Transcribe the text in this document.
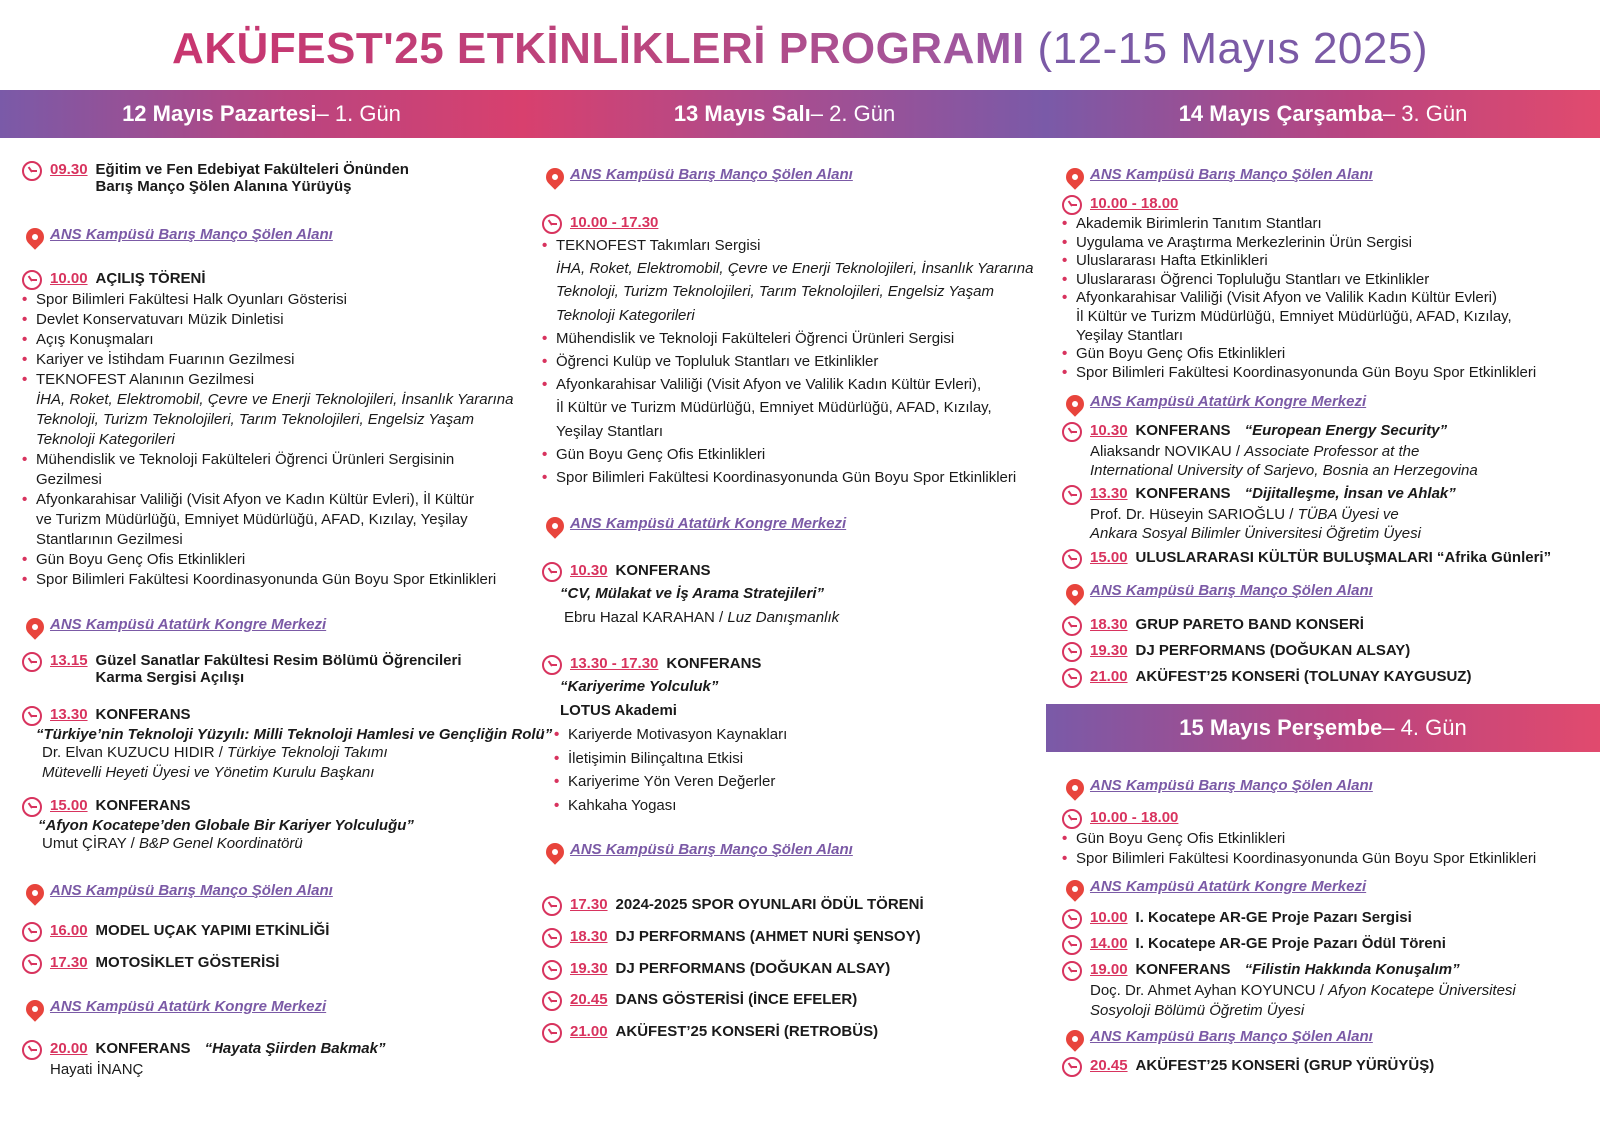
AKÜFEST'25 ETKİNLİKLERİ PROGRAMI (12-15 Mayıs 2025)
12 Mayıs Pazartesi – 1. Gün	13 Mayıs Salı – 2. Gün	14 Mayıs Çarşamba – 3. Gün
15 Mayıs Perşembe – 4. Gün
09.30 Eğitim ve Fen Edebiyat Fakülteleri Önünden
Barış Manço Şölen Alanına Yürüyüş
ANS Kampüsü Barış Manço Şölen Alanı
10.00 AÇILIŞ TÖRENİ
• Spor Bilimleri Fakültesi Halk Oyunları Gösterisi
• Devlet Konservatuvarı Müzik Dinletisi
• Açış Konuşmaları
• Kariyer ve İstihdam Fuarının Gezilmesi
• TEKNOFEST Alanının Gezilmesi
İHA, Roket, Elektromobil, Çevre ve Enerji Teknolojileri, İnsanlık Yararına
Teknoloji, Turizm Teknolojileri, Tarım Teknolojileri, Engelsiz Yaşam
Teknoloji Kategorileri
• Mühendislik ve Teknoloji Fakülteleri Öğrenci Ürünleri Sergisinin
Gezilmesi
• Afyonkarahisar Valiliği (Visit Afyon ve Kadın Kültür Evleri), İl Kültür
ve Turizm Müdürlüğü, Emniyet Müdürlüğü, AFAD, Kızılay, Yeşilay
Stantlarının Gezilmesi
• Gün Boyu Genç Ofis Etkinlikleri
• Spor Bilimleri Fakültesi Koordinasyonunda Gün Boyu Spor Etkinlikleri
ANS Kampüsü Atatürk Kongre Merkezi
13.15 Güzel Sanatlar Fakültesi Resim Bölümü Öğrencileri
Karma Sergisi Açılışı
13.30 KONFERANS
“Türkiye’nin Teknoloji Yüzyılı: Milli Teknoloji Hamlesi ve Gençliğin Rolü”
Dr. Elvan KUZUCU HIDIR / Türkiye Teknoloji Takımı
Mütevelli Heyeti Üyesi ve Yönetim Kurulu Başkanı
15.00 KONFERANS
“Afyon Kocatepe’den Globale Bir Kariyer Yolculuğu”
Umut ÇİRAY / B&P Genel Koordinatörü
ANS Kampüsü Barış Manço Şölen Alanı
16.00 MODEL UÇAK YAPIMI ETKİNLİĞİ
17.30 MOTOSİKLET GÖSTERİSİ
ANS Kampüsü Atatürk Kongre Merkezi
20.00 KONFERANS “Hayata Şiirden Bakmak”
Hayati İNANÇ
ANS Kampüsü Barış Manço Şölen Alanı
10.00 - 17.30
• TEKNOFEST Takımları Sergisi
İHA, Roket, Elektromobil, Çevre ve Enerji Teknolojileri, İnsanlık Yararına
Teknoloji, Turizm Teknolojileri, Tarım Teknolojileri, Engelsiz Yaşam
Teknoloji Kategorileri
• Mühendislik ve Teknoloji Fakülteleri Öğrenci Ürünleri Sergisi
• Öğrenci Kulüp ve Topluluk Stantları ve Etkinlikler
• Afyonkarahisar Valiliği (Visit Afyon ve Valilik Kadın Kültür Evleri),
İl Kültür ve Turizm Müdürlüğü, Emniyet Müdürlüğü, AFAD, Kızılay,
Yeşilay Stantları
• Gün Boyu Genç Ofis Etkinlikleri
• Spor Bilimleri Fakültesi Koordinasyonunda Gün Boyu Spor Etkinlikleri
ANS Kampüsü Atatürk Kongre Merkezi
10.30 KONFERANS
“CV, Mülakat ve İş Arama Stratejileri”
Ebru Hazal KARAHAN / Luz Danışmanlık
13.30 - 17.30 KONFERANS
“Kariyerime Yolculuk”
LOTUS Akademi
• Kariyerde Motivasyon Kaynakları
• İletişimin Bilinçaltına Etkisi
• Kariyerime Yön Veren Değerler
• Kahkaha Yogası
ANS Kampüsü Barış Manço Şölen Alanı
17.30 2024-2025 SPOR OYUNLARI ÖDÜL TÖRENİ
18.30 DJ PERFORMANS (AHMET NURİ ŞENSOY)
19.30 DJ PERFORMANS (DOĞUKAN ALSAY)
20.45 DANS GÖSTERİSİ (İNCE EFELER)
21.00 AKÜFEST’25 KONSERİ (RETROBÜS)
ANS Kampüsü Barış Manço Şölen Alanı
10.00 - 18.00
• Akademik Birimlerin Tanıtım Stantları
• Uygulama ve Araştırma Merkezlerinin Ürün Sergisi
• Uluslararası Hafta Etkinlikleri
• Uluslararası Öğrenci Topluluğu Stantları ve Etkinlikler
• Afyonkarahisar Valiliği (Visit Afyon ve Valilik Kadın Kültür Evleri)
İl Kültür ve Turizm Müdürlüğü, Emniyet Müdürlüğü, AFAD, Kızılay,
Yeşilay Stantları
• Gün Boyu Genç Ofis Etkinlikleri
• Spor Bilimleri Fakültesi Koordinasyonunda Gün Boyu Spor Etkinlikleri
ANS Kampüsü Atatürk Kongre Merkezi
10.30 KONFERANS “European Energy Security”
Aliaksandr NOVIKAU / Associate Professor at the
International University of Sarjevo, Bosnia an Herzegovina
13.30 KONFERANS “Dijitalleşme, İnsan ve Ahlak”
Prof. Dr. Hüseyin SARIOĞLU / TÜBA Üyesi ve
Ankara Sosyal Bilimler Üniversitesi Öğretim Üyesi
15.00 ULUSLARARASI KÜLTÜR BULUŞMALARI “Afrika Günleri”
ANS Kampüsü Barış Manço Şölen Alanı
18.30 GRUP PARETO BAND KONSERİ
19.30 DJ PERFORMANS (DOĞUKAN ALSAY)
21.00 AKÜFEST’25 KONSERİ (TOLUNAY KAYGUSUZ)
ANS Kampüsü Barış Manço Şölen Alanı
10.00 - 18.00
• Gün Boyu Genç Ofis Etkinlikleri
• Spor Bilimleri Fakültesi Koordinasyonunda Gün Boyu Spor Etkinlikleri
ANS Kampüsü Atatürk Kongre Merkezi
10.00 I. Kocatepe AR-GE Proje Pazarı Sergisi
14.00 I. Kocatepe AR-GE Proje Pazarı Ödül Töreni
19.00 KONFERANS “Filistin Hakkında Konuşalım”
Doç. Dr. Ahmet Ayhan KOYUNCU / Afyon Kocatepe Üniversitesi
Sosyoloji Bölümü Öğretim Üyesi
ANS Kampüsü Barış Manço Şölen Alanı
20.45 AKÜFEST’25 KONSERİ (GRUP YÜRÜYÜŞ)
